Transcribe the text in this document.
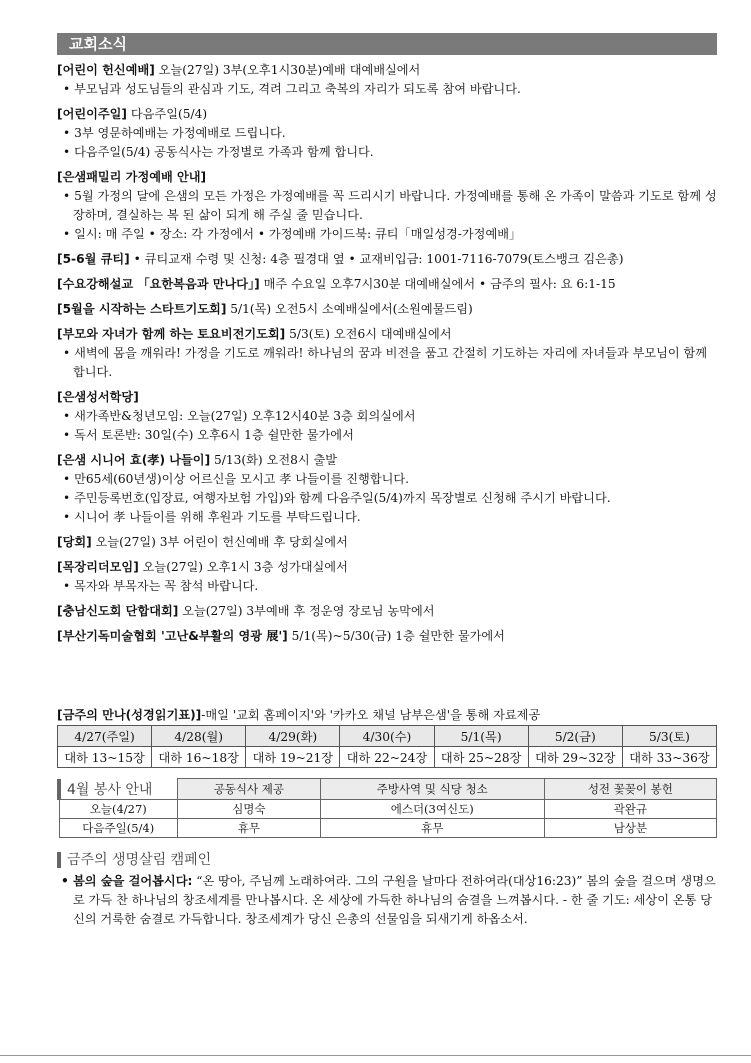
교회소식
[어린이 헌신예배] 오늘(27일) 3부(오후1시30분)예배 대예배실에서
• 부모님과 성도님들의 관심과 기도, 격려 그리고 축복의 자리가 되도록 참여 바랍니다.
[어린이주일] 다음주일(5/4)
• 3부 영문하예배는 가정예배로 드립니다.
• 다음주일(5/4) 공동식사는 가정별로 가족과 함께 합니다.
[은샘패밀리 가정예배 안내]
• 5월 가정의 달에 은샘의 모든 가정은 가정예배를 꼭 드리시기 바랍니다. 가정예배를 통해 온 가족이 말씀과 기도로 함께 성장하며, 결실하는 복 된 삶이 되게 해 주실 줄 믿습니다.
• 일시: 매 주일 • 장소: 각 가정에서 • 가정예배 가이드북: 큐티「매일성경-가정예배」
[5-6월 큐티] • 큐티교재 수령 및 신청: 4층 필경대 옆 • 교재비입금: 1001-7116-7079(토스뱅크 김은총)
[수요강해설교 「요한복음과 만나다」] 매주 수요일 오후7시30분 대예배실에서 • 금주의 필사: 요 6:1-15
[5월을 시작하는 스타트기도회] 5/1(목) 오전5시 소예배실에서(소원예물드림)
[부모와 자녀가 함께 하는 토요비전기도회] 5/3(토) 오전6시 대예배실에서
• 새벽에 몸을 깨워라! 가정을 기도로 깨워라! 하나님의 꿈과 비전을 품고 간절히 기도하는 자리에 자녀들과 부모님이 함께 합니다.
[은샘성서학당]
• 새가족반&청년모임: 오늘(27일) 오후12시40분 3층 회의실에서
• 독서 토론반: 30일(수) 오후6시 1층 쉴만한 물가에서
[은샘 시니어 효(孝) 나들이] 5/13(화) 오전8시 출발
• 만65세(60년생)이상 어르신을 모시고 孝 나들이를 진행합니다.
• 주민등록번호(입장료, 여행자보험 가입)와 함께 다음주일(5/4)까지 목장별로 신청해 주시기 바랍니다.
• 시니어 孝 나들이를 위해 후원과 기도를 부탁드립니다.
[당회] 오늘(27일) 3부 어린이 헌신예배 후 당회실에서
[목장리더모임] 오늘(27일) 오후1시 3층 성가대실에서
• 목자와 부목자는 꼭 참석 바랍니다.
[충남신도회 단합대회] 오늘(27일) 3부예배 후 정운영 장로님 농막에서
[부산기독미술협회 '고난&부활의 영광 展'] 5/1(목)~5/30(금) 1층 쉴만한 물가에서
[금주의 만나(성경읽기표)]-매일 '교회 홈페이지'와 '카카오 채널 남부은샘'을 통해 자료제공
4/27(주일)	4/28(월)	4/29(화)	4/30(수)	5/1(목)	5/2(금)	5/3(토)
대하 13~15장	대하 16~18장	대하 19~21장	대하 22~24장	대하 25~28장	대하 29~32장	대하 33~36장
4월 봉사 안내	공동식사 제공	주방사역 및 식당 청소	성전 꽃꽂이 봉헌
오늘(4/27)	심명숙	에스더(3여신도)	곽완규
다음주일(5/4)	휴무	휴무	남상분
금주의 생명살림 캠페인
• 봄의 숲을 걸어봅시다: “온 땅아, 주님께 노래하여라. 그의 구원을 날마다 전하여라(대상16:23)” 봄의 숲을 걸으며 생명으로 가득 찬 하나님의 창조세계를 만나봅시다. 온 세상에 가득한 하나님의 숨결을 느껴봅시다. - 한 줄 기도: 세상이 온통 당신의 거룩한 숨결로 가득합니다. 창조세계가 당신 은총의 선물임을 되새기게 하옵소서.
